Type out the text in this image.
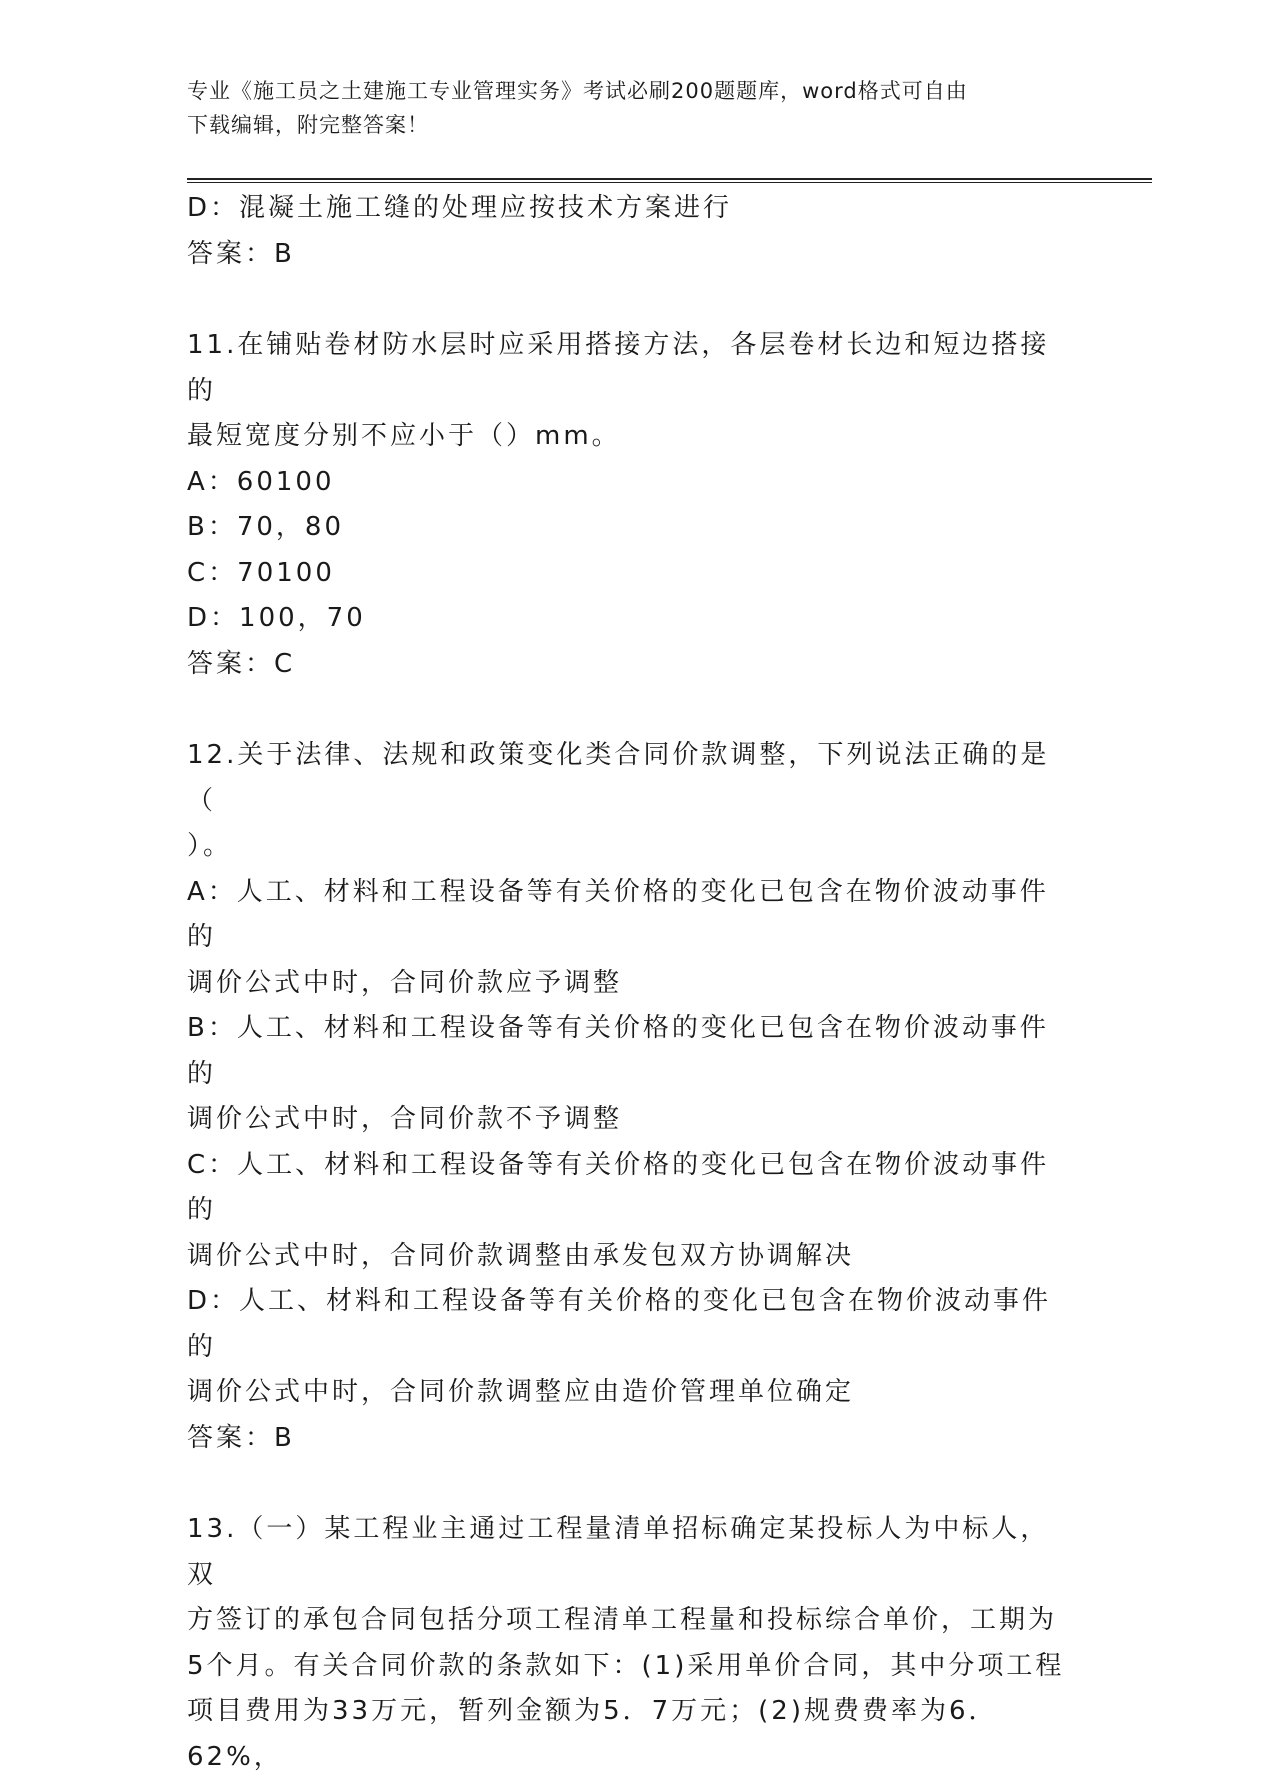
专业《施工员之土建施工专业管理实务》考试必刷200题题库，word格式可自由
下载编辑，附完整答案！
D：混凝土施工缝的处理应按技术方案进行
答案：B
11.在铺贴卷材防水层时应采用搭接方法，各层卷材长边和短边搭接的
最短宽度分别不应小于（）mm。
A：60100
B：70，80
C：70100
D：100，70
答案：C
12.关于法律、法规和政策变化类合同价款调整，下列说法正确的是（
）。
A：人工、材料和工程设备等有关价格的变化已包含在物价波动事件的
调价公式中时，合同价款应予调整
B：人工、材料和工程设备等有关价格的变化已包含在物价波动事件的
调价公式中时，合同价款不予调整
C：人工、材料和工程设备等有关价格的变化已包含在物价波动事件的
调价公式中时，合同价款调整由承发包双方协调解决
D：人工、材料和工程设备等有关价格的变化已包含在物价波动事件的
调价公式中时，合同价款调整应由造价管理单位确定
答案：B
13.（一）某工程业主通过工程量清单招标确定某投标人为中标人，双
方签订的承包合同包括分项工程清单工程量和投标综合单价，工期为
5个月。有关合同价款的条款如下：(1)采用单价合同，其中分项工程
项目费用为33万元，暂列金额为5．7万元；(2)规费费率为6．62%，
